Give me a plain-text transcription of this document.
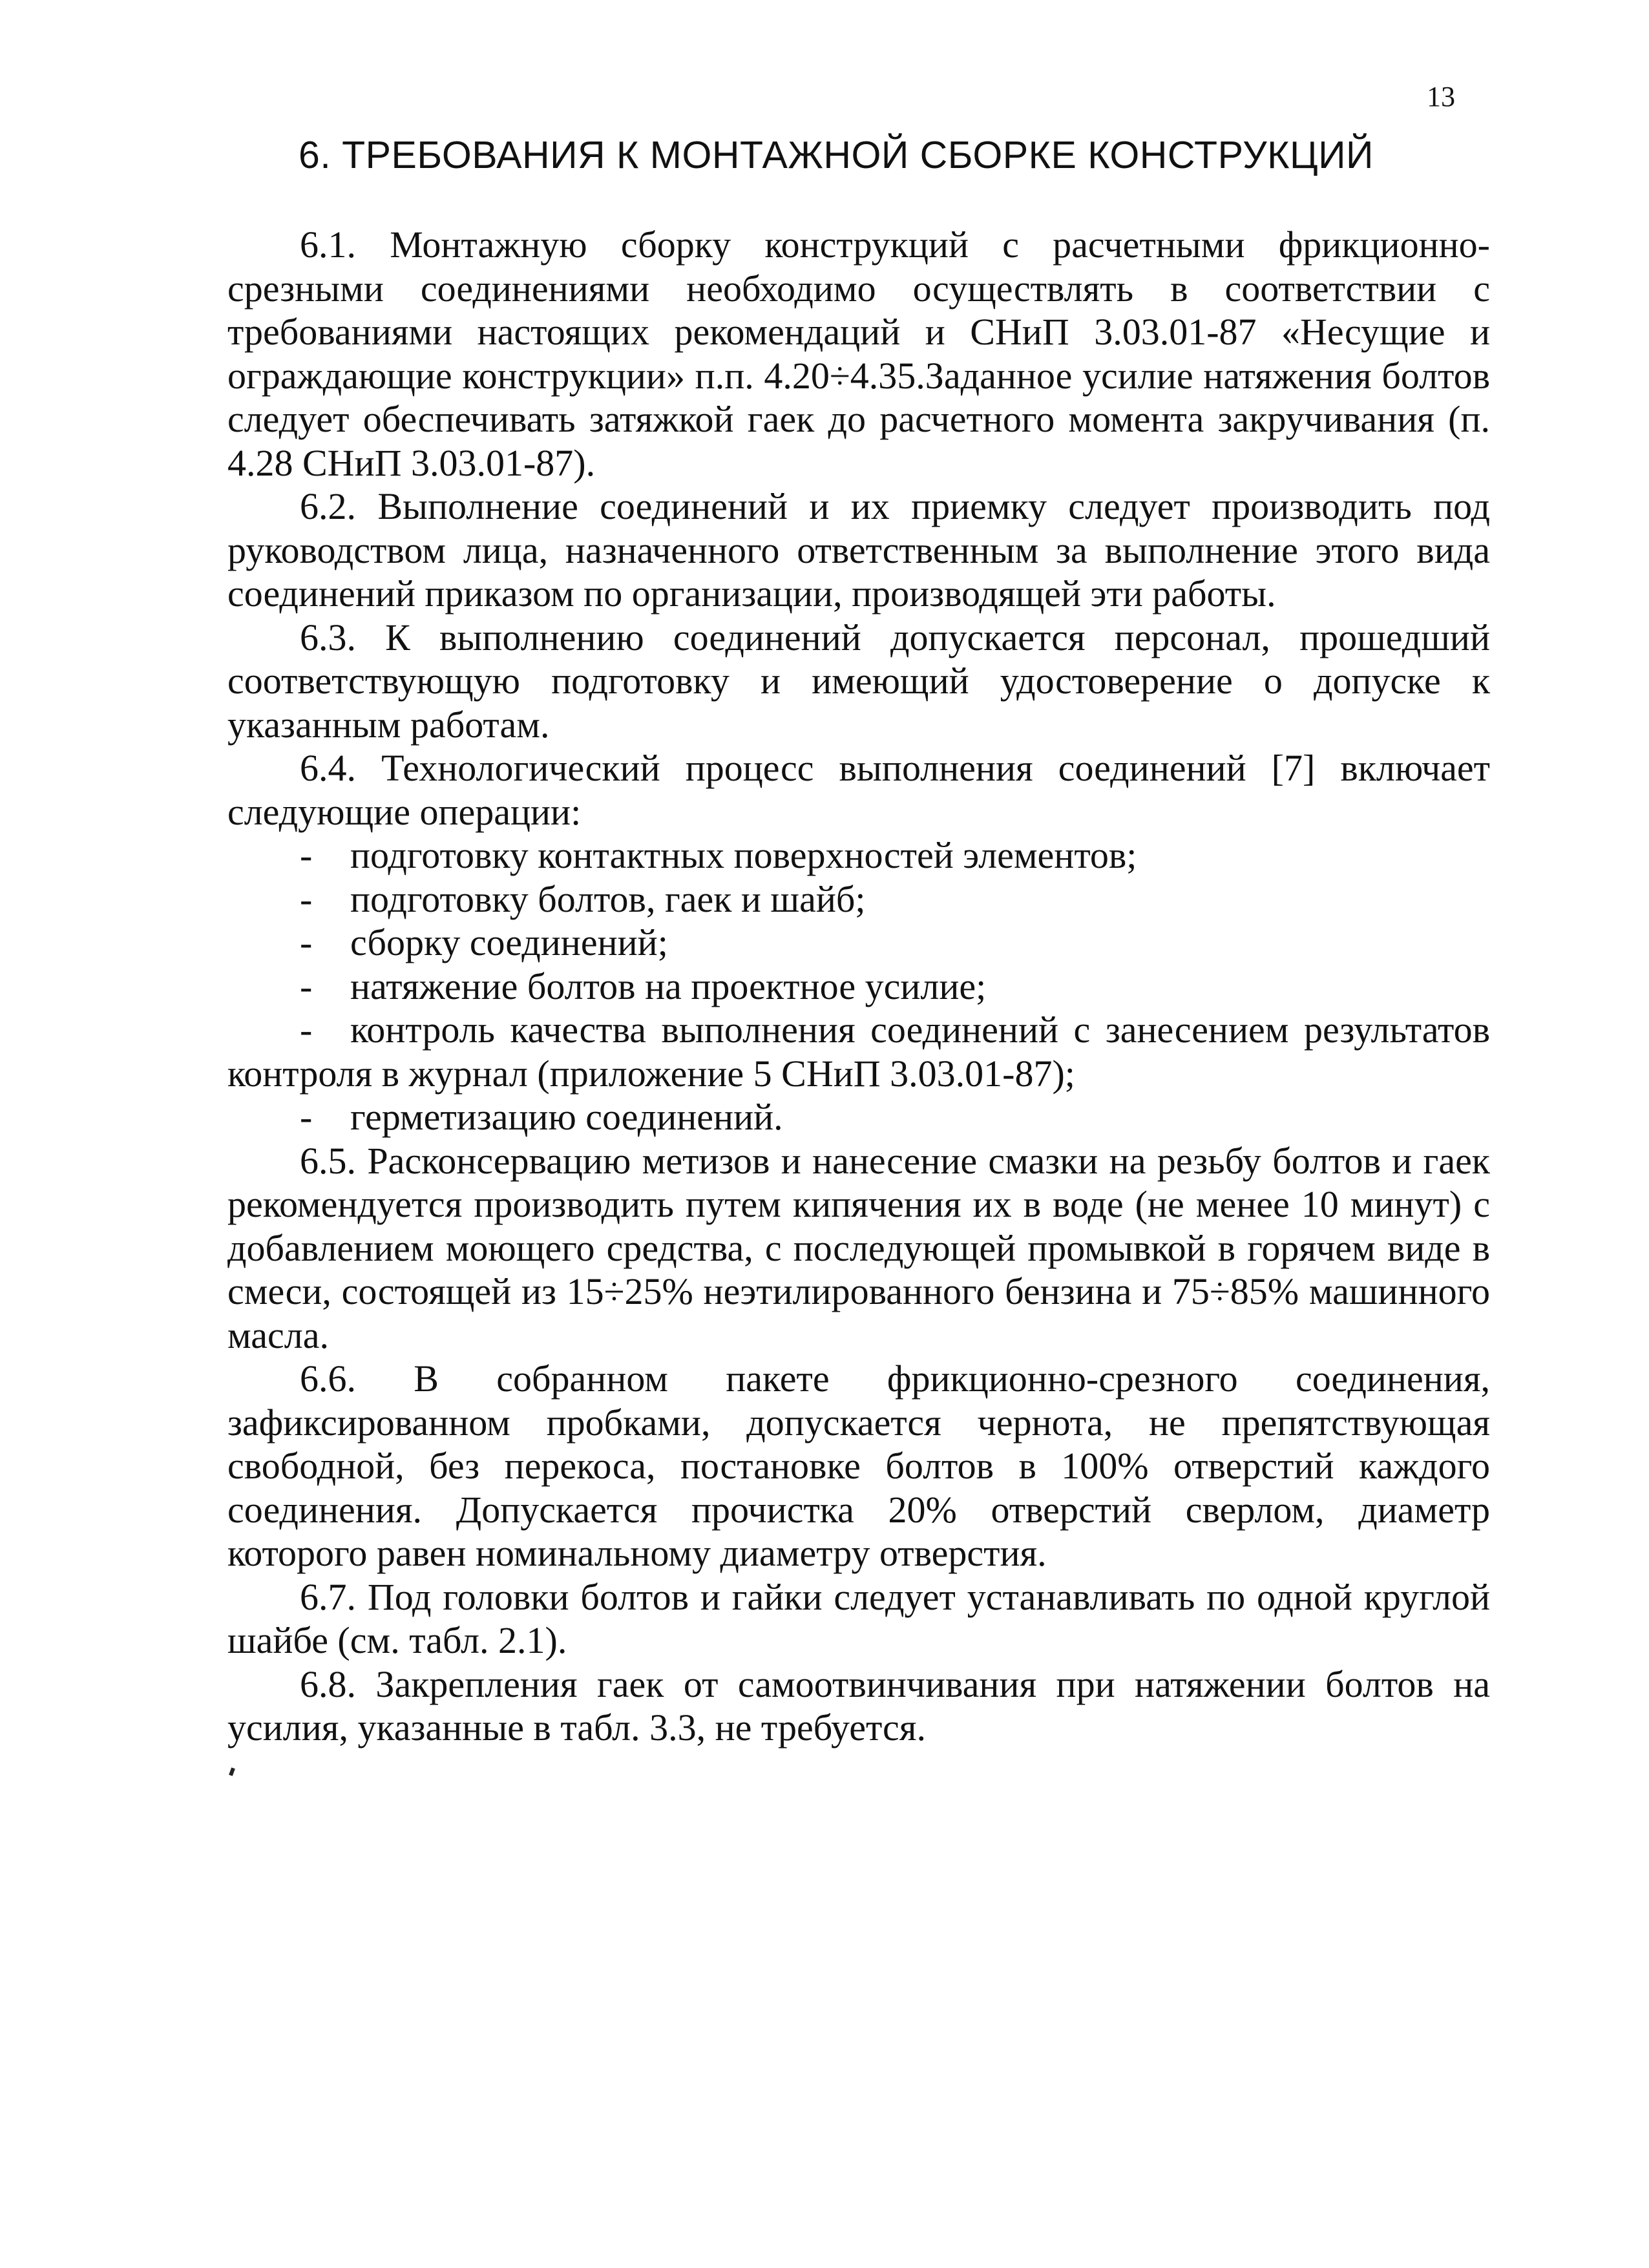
13
6. ТРЕБОВАНИЯ К МОНТАЖНОЙ СБОРКЕ КОНСТРУКЦИЙ

6.1. Монтажную сборку конструкций с расчетными фрикционно-срезными соединениями необходимо осуществлять в соответствии с требованиями настоящих рекомендаций и СНиП 3.03.01-87 «Несущие и ограждающие конструкции» п.п. 4.20÷4.35.Заданное усилие натяжения болтов следует обеспечивать затяжкой гаек до расчетного момента закручивания (п. 4.28 СНиП 3.03.01-87).

6.2. Выполнение соединений и их приемку следует производить под руководством лица, назначенного ответственным за выполнение этого вида соединений приказом по организации, производящей эти работы.

6.3. К выполнению соединений допускается персонал, прошедший соответствующую подготовку и имеющий удостоверение о допуске к указанным работам.

6.4. Технологический процесс выполнения соединений [7] включает следующие операции:

- подготовку контактных поверхностей элементов;
- подготовку болтов, гаек и шайб;
- сборку соединений;
- натяжение болтов на проектное усилие;
- контроль качества выполнения соединений с занесением результатов контроля в журнал (приложение 5 СНиП 3.03.01-87);
- герметизацию соединений.

6.5. Расконсервацию метизов и нанесение смазки на резьбу болтов и гаек рекомендуется производить путем кипячения их в воде (не менее 10 минут) с добавлением моющего средства, с последующей промывкой в горячем виде в смеси, состоящей из 15÷25% неэтилированного бензина и 75÷85% машинного масла.

6.6. В собранном пакете фрикционно-срезного соединения, зафиксированном пробками, допускается чернота, не препятствующая свободной, без перекоса, постановке болтов в 100% отверстий каждого соединения. Допускается прочистка 20% отверстий сверлом, диаметр которого равен номинальному диаметру отверстия.

6.7. Под головки болтов и гайки следует устанавливать по одной круглой шайбе (см. табл. 2.1).

6.8. Закрепления гаек от самоотвинчивания при натяжении болтов на усилия, указанные в табл. 3.3, не требуется.
